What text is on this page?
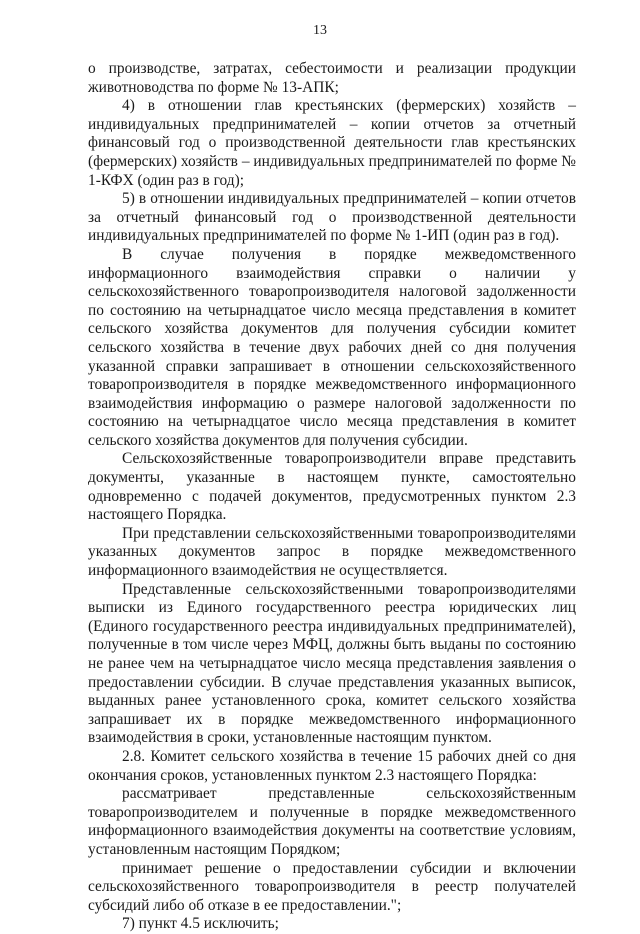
13

о производстве, затратах, себестоимости и реализации продукции животноводства по форме № 13-АПК;

4) в отношении глав крестьянских (фермерских) хозяйств – индивидуальных предпринимателей – копии отчетов за отчетный финансовый год о производственной деятельности глав крестьянских (фермерских) хозяйств – индивидуальных предпринимателей по форме № 1-КФХ (один раз в год);

5) в отношении индивидуальных предпринимателей – копии отчетов за отчетный финансовый год о производственной деятельности индивидуальных предпринимателей по форме № 1-ИП (один раз в год).

В случае получения в порядке межведомственного информационного взаимодействия справки о наличии у сельскохозяйственного товаропроизводителя налоговой задолженности по состоянию на четырнадцатое число месяца представления в комитет сельского хозяйства документов для получения субсидии комитет сельского хозяйства в течение двух рабочих дней со дня получения указанной справки запрашивает в отношении сельскохозяйственного товаропроизводителя в порядке межведомственного информационного взаимодействия информацию о размере налоговой задолженности по состоянию на четырнадцатое число месяца представления в комитет сельского хозяйства документов для получения субсидии.

Сельскохозяйственные товаропроизводители вправе представить документы, указанные в настоящем пункте, самостоятельно одновременно с подачей документов, предусмотренных пунктом 2.3 настоящего Порядка.

При представлении сельскохозяйственными товаропроизводителями указанных документов запрос в порядке межведомственного информационного взаимодействия не осуществляется.

Представленные сельскохозяйственными товаропроизводителями выписки из Единого государственного реестра юридических лиц (Единого государственного реестра индивидуальных предпринимателей), полученные в том числе через МФЦ, должны быть выданы по состоянию не ранее чем на четырнадцатое число месяца представления заявления о предоставлении субсидии. В случае представления указанных выписок, выданных ранее установленного срока, комитет сельского хозяйства запрашивает их в порядке межведомственного информационного взаимодействия в сроки, установленные настоящим пунктом.

2.8. Комитет сельского хозяйства в течение 15 рабочих дней со дня окончания сроков, установленных пунктом 2.3 настоящего Порядка:

рассматривает представленные сельскохозяйственным товаропроизводителем и полученные в порядке межведомственного информационного взаимодействия документы на соответствие условиям, установленным настоящим Порядком;

принимает решение о предоставлении субсидии и включении сельскохозяйственного товаропроизводителя в реестр получателей субсидий либо об отказе в ее предоставлении.";

7) пункт 4.5 исключить;
